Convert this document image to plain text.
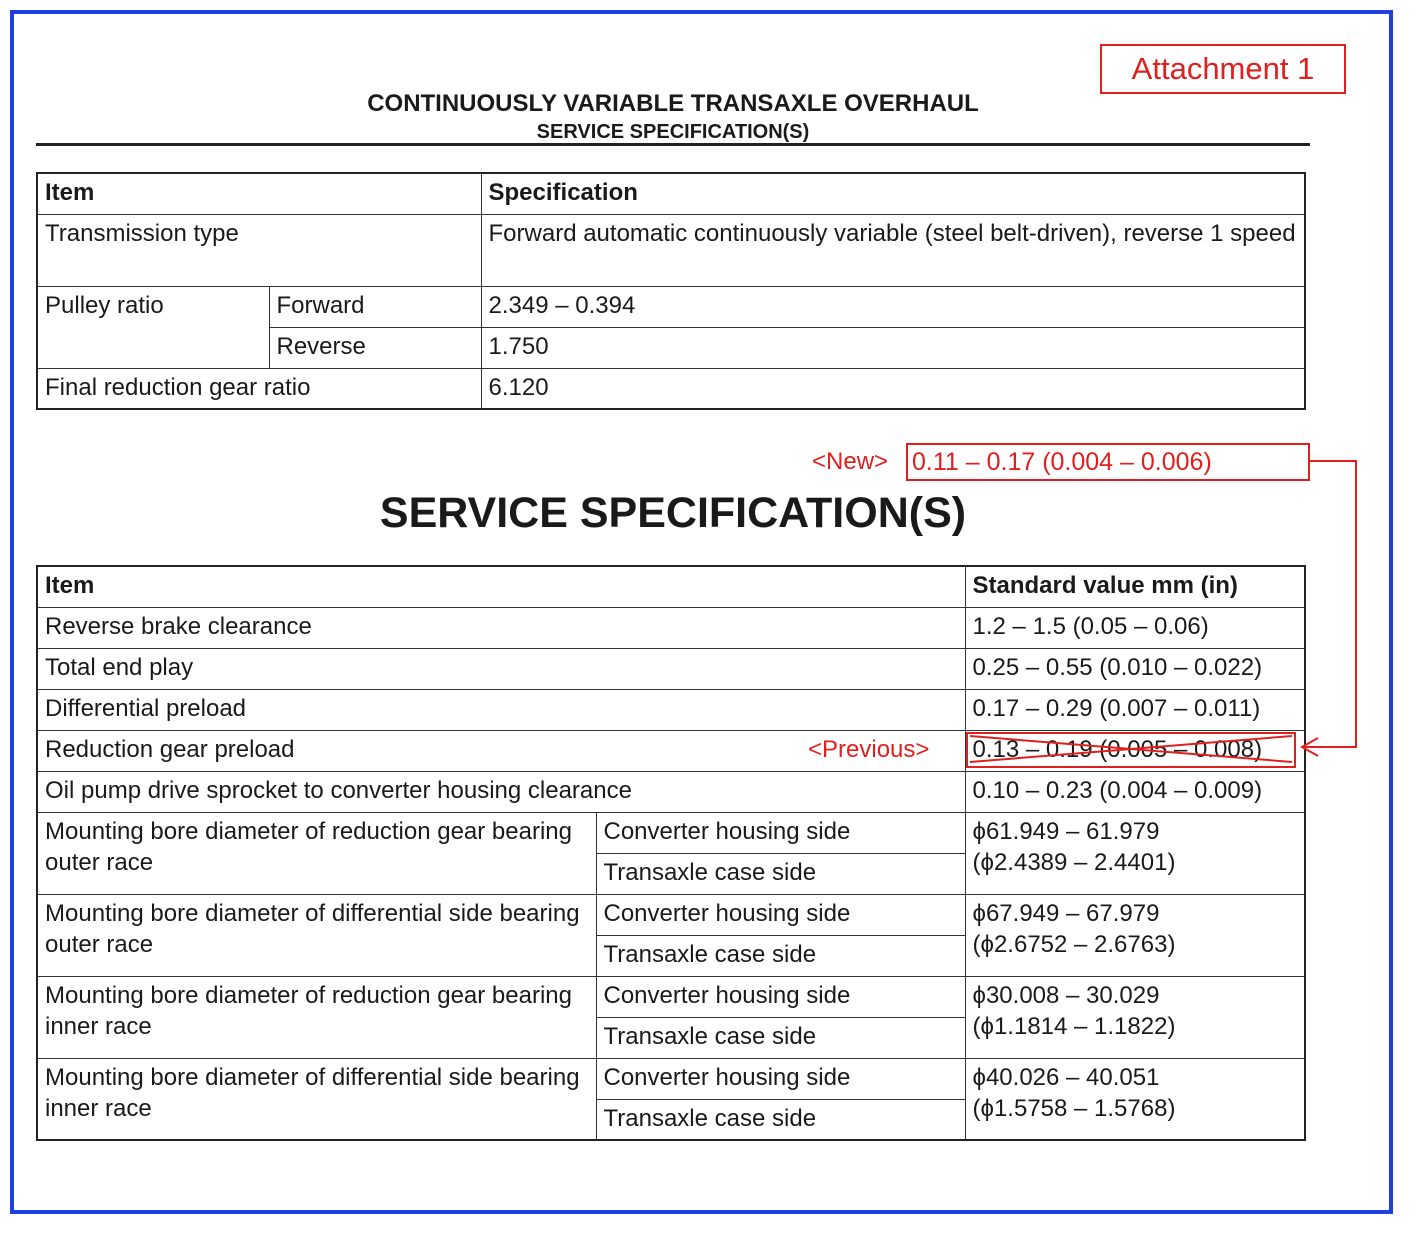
Attachment 1
CONTINUOUSLY VARIABLE TRANSAXLE OVERHAUL
SERVICE SPECIFICATION(S)
Item		Specification
Transmission type		Forward automatic continuously variable (steel belt-driven), reverse 1 speed
Pulley ratio	Forward	2.349 – 0.394
	Reverse	1.750
Final reduction gear ratio		6.120
<New> 0.11 – 0.17 (0.004 – 0.006)
SERVICE SPECIFICATION(S)
Item		Standard value mm (in)
Reverse brake clearance		1.2 – 1.5 (0.05 – 0.06)
Total end play		0.25 – 0.55 (0.010 – 0.022)
Differential preload		0.17 – 0.29 (0.007 – 0.011)
Reduction gear preload		0.13 – 0.19 (0.005 – 0.008)
Oil pump drive sprocket to converter housing clearance		0.10 – 0.23 (0.004 – 0.009)
Mounting bore diameter of reduction gear bearing outer race	Converter housing side	ϕ61.949 – 61.979
(ϕ2.4389 – 2.4401)

	Transaxle case side	
Mounting bore diameter of differential side bearing outer race	Converter housing side	ϕ67.949 – 67.979
(ϕ2.6752 – 2.6763)

	Transaxle case side	
Mounting bore diameter of reduction gear bearing inner race	Converter housing side	ϕ30.008 – 30.029
(ϕ1.1814 – 1.1822)

	Transaxle case side	
Mounting bore diameter of differential side bearing inner race	Converter housing side	ϕ40.026 – 40.051
(ϕ1.5758 – 1.5768)

	Transaxle case side	
<Previous>
